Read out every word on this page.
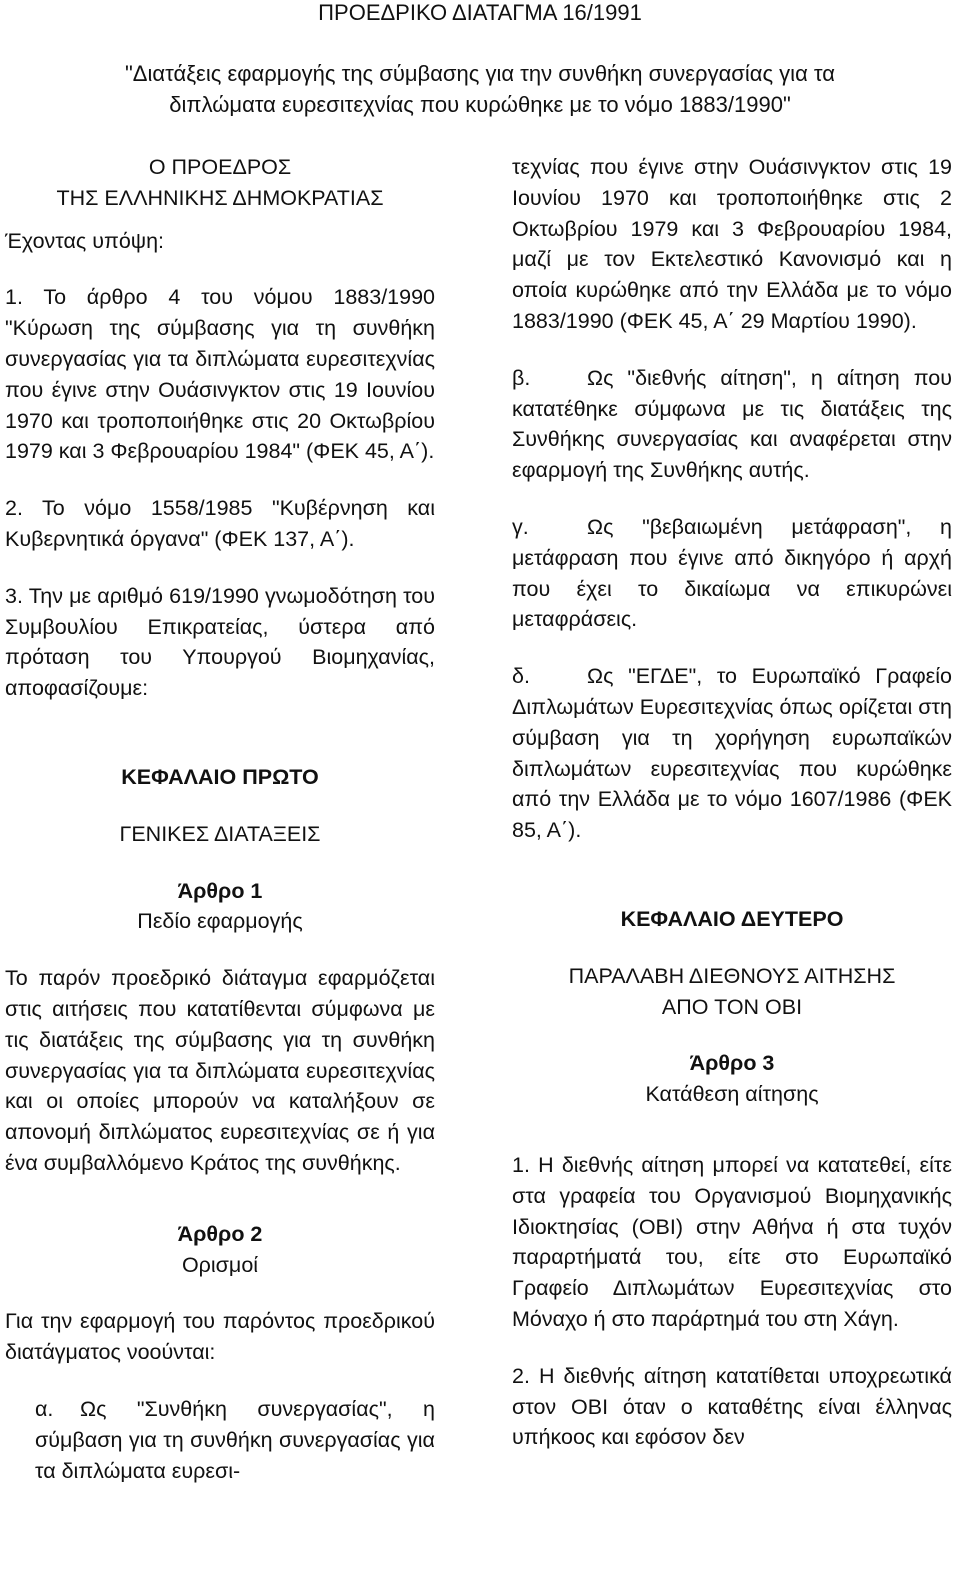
ΠΡΟΕΔΡΙΚΟ ΔΙΑΤΑΓΜΑ 16/1991
"Διατάξεις εφαρμογής της σύμβασης για την συνθήκη συνεργασίας για τα
διπλώματα ευρεσιτεχνίας που κυρώθηκε με το νόμο 1883/1990"

Ο ΠΡΟΕΔΡΟΣ

ΤΗΣ ΕΛΛΗΝΙΚΗΣ ΔΗΜΟΚΡΑΤΙΑΣ

Έχοντας υπόψη:

1. Το άρθρο 4 του νόμου 1883/1990 "Κύρωση της σύμβασης για τη συνθήκη συνεργασίας για τα διπλώματα ευρεσιτεχνίας που έγινε στην Ουάσινγκτον στις 19 Ιουνίου 1970 και τροποποιήθηκε στις 20 Οκτωβρίου 1979 και 3 Φεβρουαρίου 1984" (ΦΕΚ 45, Α΄).

2. Το νόμο 1558/1985 "Κυβέρνηση και Κυβερνητικά όργανα" (ΦΕΚ 137, Α΄).

3. Την με αριθμό 619/1990 γνωμοδότηση του Συμβουλίου Επικρατείας, ύστερα από πρόταση του Υπουργού Βιομηχανίας, αποφασίζουμε:

ΚΕΦΑΛΑΙΟ ΠΡΩΤΟ

ΓΕΝΙΚΕΣ ΔΙΑΤΑΞΕΙΣ

Άρθρο 1

Πεδίο εφαρμογής

Το παρόν προεδρικό διάταγμα εφαρμόζεται στις αιτήσεις που κατατίθενται σύμφωνα με τις διατάξεις της σύμβασης για τη συνθήκη συνεργασίας για τα διπλώματα ευρεσιτεχνίας και οι οποίες μπορούν να καταλήξουν σε απονομή διπλώματος ευρεσιτεχνίας σε ή για ένα συμβαλλόμενο Κράτος της συνθήκης.

Άρθρο 2

Ορισμοί

Για την εφαρμογή του παρόντος προεδρικού διατάγματος νοούνται:

α. Ως "Συνθήκη συνεργασίας", η σύμβαση για τη συνθήκη συνεργασίας για τα διπλώματα ευρεσι-

τεχνίας που έγινε στην Ουάσινγκτον στις 19 Ιουνίου 1970 και τροποποιήθηκε στις 2 Οκτωβρίου 1979 και 3 Φεβρουαρίου 1984, μαζί με τον Εκτελεστικό Κανονισμό και η οποία κυρώθηκε από την Ελλάδα με το νόμο 1883/1990 (ΦΕΚ 45, Α΄ 29 Μαρτίου 1990).

β.	Ως "διεθνής αίτηση", η αίτηση που κατατέθηκε σύμφωνα με τις διατάξεις της Συνθήκης συνεργασίας και αναφέρεται στην εφαρμογή της Συνθήκης αυτής.

γ.	Ως "βεβαιωμένη μετάφραση", η μετάφραση που έγινε από δικηγόρο ή αρχή που έχει το δικαίωμα να επικυρώνει μεταφράσεις.

δ.	Ως "ΕΓΔΕ", το Ευρωπαϊκό Γραφείο Διπλωμάτων Ευρεσιτεχνίας όπως ορίζεται στη σύμβαση για τη χορήγηση ευρωπαϊκών διπλωμάτων ευρεσιτεχνίας που κυρώθηκε από την Ελλάδα με το νόμο 1607/1986 (ΦΕΚ 85, Α΄).

ΚΕΦΑΛΑΙΟ ΔΕΥΤΕΡΟ

ΠΑΡΑΛΑΒΗ ΔΙΕΘΝΟΥΣ ΑΙΤΗΣΗΣ

ΑΠΟ ΤΟΝ ΟΒΙ

Άρθρο 3

Κατάθεση αίτησης

1. Η διεθνής αίτηση μπορεί να κατατεθεί, είτε στα γραφεία του Οργανισμού Βιομηχανικής Ιδιοκτησίας (ΟΒΙ) στην Αθήνα ή στα τυχόν παραρτήματά του, είτε στο Ευρωπαϊκό Γραφείο Διπλωμάτων Ευρεσιτεχνίας στο Μόναχο ή στο παράρτημά του στη Χάγη.

2. Η διεθνής αίτηση κατατίθεται υποχρεωτικά στον ΟΒΙ όταν ο καταθέτης είναι έλληνας υπήκοος και εφόσον δεν
